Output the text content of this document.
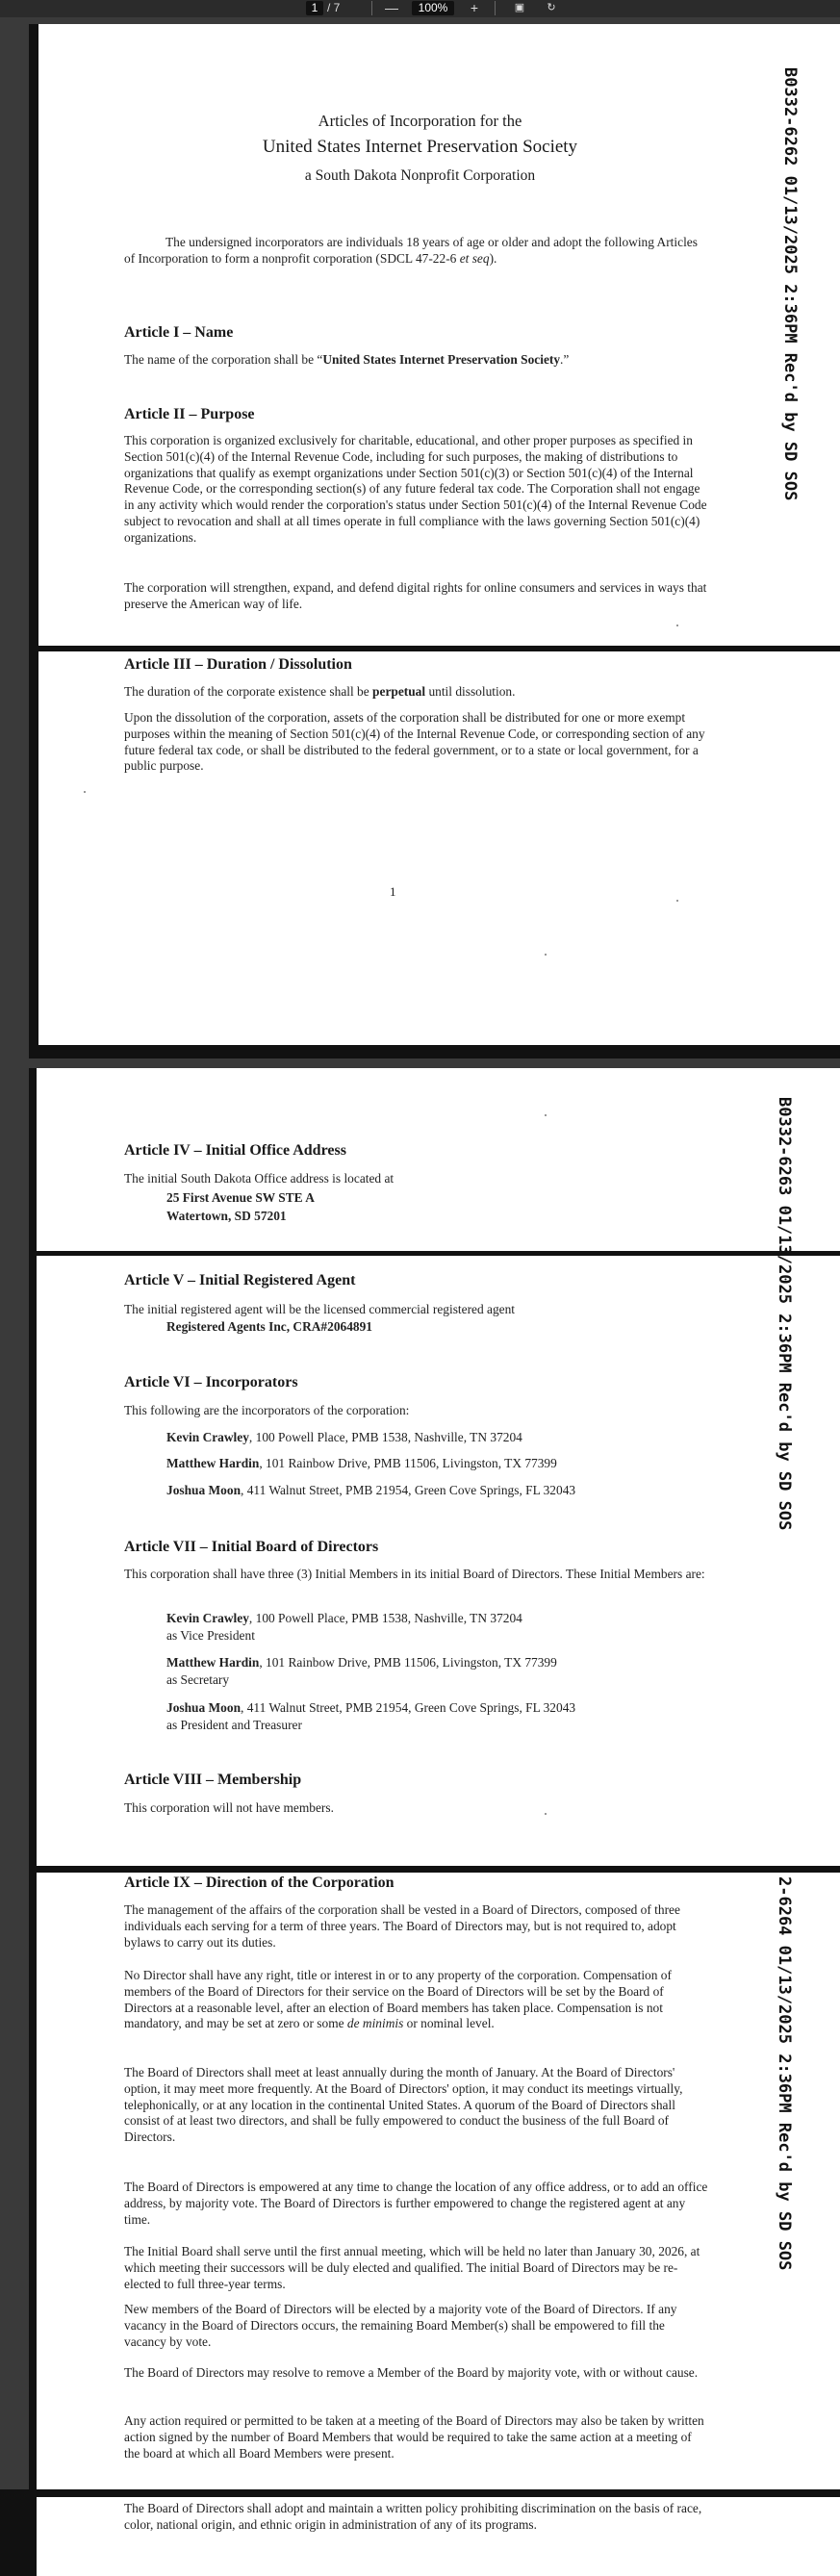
1 / 7	—	100%	+	▣ ↻
B0332-6262 01/13/2025 2:36PM Rec'd by SD SOS
Articles of Incorporation for the
United States Internet Preservation Society
a South Dakota Nonprofit Corporation
The undersigned incorporators are individuals 18 years of age or older and adopt the following Articles of Incorporation to form a nonprofit corporation (SDCL 47-22-6 et seq).
Article I – Name
The name of the corporation shall be “United States Internet Preservation Society.”
Article II – Purpose
This corporation is organized exclusively for charitable, educational, and other proper purposes as specified in Section 501(c)(4) of the Internal Revenue Code, including for such purposes, the making of distributions to organizations that qualify as exempt organizations under Section 501(c)(3) or Section 501(c)(4) of the Internal Revenue Code, or the corresponding section(s) of any future federal tax code. The Corporation shall not engage in any activity which would render the corporation's status under Section 501(c)(4) of the Internal Revenue Code subject to revocation and shall at all times operate in full compliance with the laws governing Section 501(c)(4) organizations.
The corporation will strengthen, expand, and defend digital rights for online consumers and services in ways that preserve the American way of life.
Article III – Duration / Dissolution
The duration of the corporate existence shall be perpetual until dissolution.
Upon the dissolution of the corporation, assets of the corporation shall be distributed for one or more exempt purposes within the meaning of Section 501(c)(4) of the Internal Revenue Code, or corresponding section of any future federal tax code, or shall be distributed to the federal government, or to a state or local government, for a public purpose.
1
B0332-6263 01/13/2025 2:36PM Rec'd by SD SOS
Article IV – Initial Office Address
The initial South Dakota Office address is located at
25 First Avenue SW STE A
Watertown, SD 57201
Article V – Initial Registered Agent
The initial registered agent will be the licensed commercial registered agent
Registered Agents Inc, CRA#2064891
Article VI – Incorporators
This following are the incorporators of the corporation:
Kevin Crawley, 100 Powell Place, PMB 1538, Nashville, TN 37204
Matthew Hardin, 101 Rainbow Drive, PMB 11506, Livingston, TX 77399
Joshua Moon, 411 Walnut Street, PMB 21954, Green Cove Springs, FL 32043
Article VII – Initial Board of Directors
This corporation shall have three (3) Initial Members in its initial Board of Directors. These Initial Members are:
Kevin Crawley, 100 Powell Place, PMB 1538, Nashville, TN 37204
as Vice President
Matthew Hardin, 101 Rainbow Drive, PMB 11506, Livingston, TX 77399
as Secretary
Joshua Moon, 411 Walnut Street, PMB 21954, Green Cove Springs, FL 32043
as President and Treasurer
Article VIII – Membership
This corporation will not have members.
2-6264 01/13/2025 2:36PM Rec'd by SD SOS
Article IX – Direction of the Corporation
The management of the affairs of the corporation shall be vested in a Board of Directors, composed of three individuals each serving for a term of three years. The Board of Directors may, but is not required to, adopt bylaws to carry out its duties.
No Director shall have any right, title or interest in or to any property of the corporation. Compensation of members of the Board of Directors for their service on the Board of Directors will be set by the Board of Directors at a reasonable level, after an election of Board members has taken place. Compensation is not mandatory, and may be set at zero or some de minimis or nominal level.
The Board of Directors shall meet at least annually during the month of January. At the Board of Directors' option, it may meet more frequently. At the Board of Directors' option, it may conduct its meetings virtually, telephonically, or at any location in the continental United States. A quorum of the Board of Directors shall consist of at least two directors, and shall be fully empowered to conduct the business of the full Board of Directors.
The Board of Directors is empowered at any time to change the location of any office address, or to add an office address, by majority vote. The Board of Directors is further empowered to change the registered agent at any time.
The Initial Board shall serve until the first annual meeting, which will be held no later than January 30, 2026, at which meeting their successors will be duly elected and qualified. The initial Board of Directors may be re-elected to full three-year terms.
New members of the Board of Directors will be elected by a majority vote of the Board of Directors. If any vacancy in the Board of Directors occurs, the remaining Board Member(s) shall be empowered to fill the vacancy by vote.
The Board of Directors may resolve to remove a Member of the Board by majority vote, with or without cause.
Any action required or permitted to be taken at a meeting of the Board of Directors may also be taken by written action signed by the number of Board Members that would be required to take the same action at a meeting of the board at which all Board Members were present.
The Board of Directors shall adopt and maintain a written policy prohibiting discrimination on the basis of race, color, national origin, and ethnic origin in administration of any of its programs.
